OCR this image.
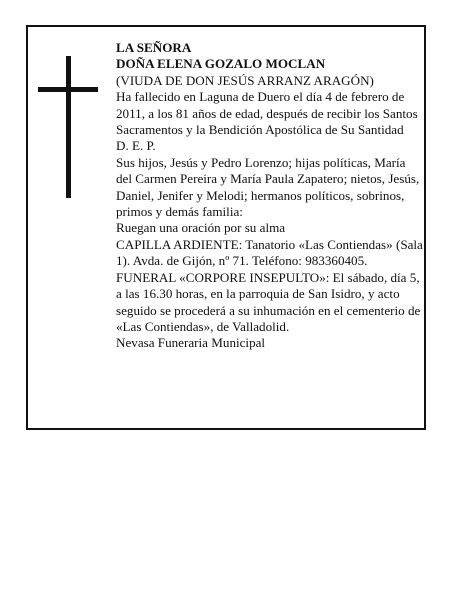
LA SEÑORA

DOÑA ELENA GOZALO MOCLAN

(VIUDA DE DON JESÚS ARRANZ ARAGÓN)

Ha fallecido en Laguna de Duero el día 4 de febrero de 2011, a los 81 años de edad, después de recibir los Santos Sacramentos y la Bendición Apostólica de Su Santidad

D. E. P.

Sus hijos, Jesús y Pedro Lorenzo; hijas políticas, María del Carmen Pereira y María Paula Zapatero; nietos, Jesús, Daniel, Jenifer y Melodi; hermanos políticos, sobrinos, primos y demás familia:

Ruegan una oración por su alma

CAPILLA ARDIENTE: Tanatorio «Las Contiendas» (Sala 1). Avda. de Gijón, nº 71. Teléfono: 983360405.

FUNERAL «CORPORE INSEPULTO»: El sábado, día 5, a las 16.30 horas, en la parroquia de San Isidro, y acto seguido se procederá a su inhumación en el cementerio de «Las Contiendas», de Valladolid.

Nevasa Funeraria Municipal
